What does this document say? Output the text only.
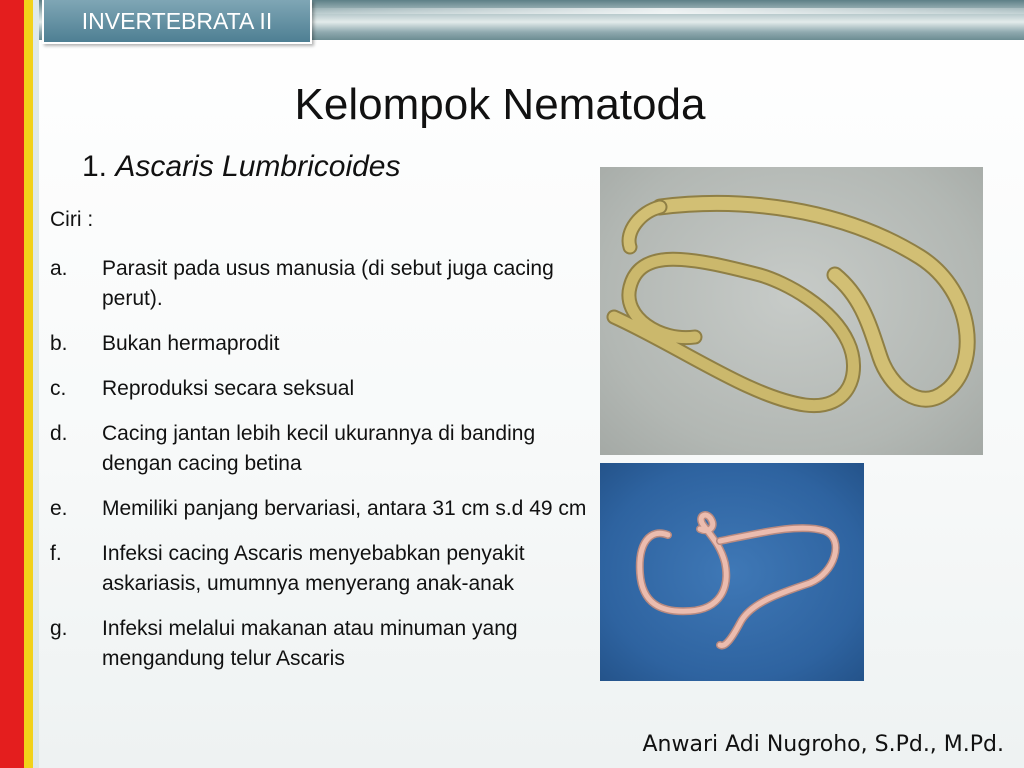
INVERTEBRATA II
Kelompok Nematoda
1. Ascaris Lumbricoides
Ciri :
a.	Parasit pada usus manusia (di sebut juga cacing perut).
b.	Bukan hermaprodit
c.	Reproduksi secara seksual
d.	Cacing jantan lebih kecil ukurannya di banding dengan cacing betina
e.	Memiliki panjang bervariasi, antara 31 cm s.d 49 cm
f.	Infeksi cacing Ascaris menyebabkan penyakit askariasis, umumnya menyerang anak-anak
g.	Infeksi melalui makanan atau minuman yang mengandung telur Ascaris
Anwari Adi Nugroho, S.Pd., M.Pd.
